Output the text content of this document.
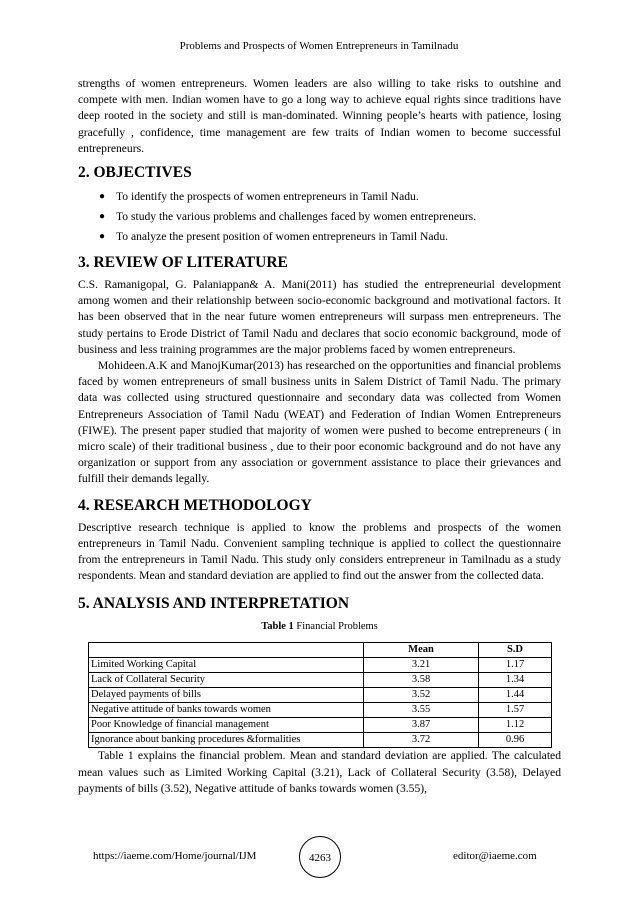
Problems and Prospects of Women Entrepreneurs in Tamilnadu

strengths of women entrepreneurs. Women leaders are also willing to take risks to outshine and compete with men. Indian women have to go a long way to achieve equal rights since traditions have deep rooted in the society and still is man-dominated. Winning people’s hearts with patience, losing gracefully , confidence, time management are few traits of Indian women to become successful entrepreneurs.

2. OBJECTIVES
● To identify the prospects of women entrepreneurs in Tamil Nadu.
● To study the various problems and challenges faced by women entrepreneurs.
● To analyze the present position of women entrepreneurs in Tamil Nadu.
3. REVIEW OF LITERATURE

C.S. Ramanigopal, G. Palaniappan& A. Mani(2011) has studied the entrepreneurial development among women and their relationship between socio-economic background and motivational factors. It has been observed that in the near future women entrepreneurs will surpass men entrepreneurs. The study pertains to Erode District of Tamil Nadu and declares that socio economic background, mode of business and less training programmes are the major problems faced by women entrepreneurs.

Mohideen.A.K and ManojKumar(2013) has researched on the opportunities and financial problems faced by women entrepreneurs of small business units in Salem District of Tamil Nadu. The primary data was collected using structured questionnaire and secondary data was collected from Women Entrepreneurs Association of Tamil Nadu (WEAT) and Federation of Indian Women Entrepreneurs (FIWE). The present paper studied that majority of women were pushed to become entrepreneurs ( in micro scale) of their traditional business , due to their poor economic background and do not have any organization or support from any association or government assistance to place their grievances and fulfill their demands legally.

4. RESEARCH METHODOLOGY

Descriptive research technique is applied to know the problems and prospects of the women entrepreneurs in Tamil Nadu. Convenient sampling technique is applied to collect the questionnaire from the entrepreneurs in Tamil Nadu. This study only considers entrepreneur in Tamilnadu as a study respondents. Mean and standard deviation are applied to find out the answer from the collected data.

5. ANALYSIS AND INTERPRETATION
Table 1 Financial Problems
	Mean	S.D
Limited Working Capital	3.21	1.17
Lack of Collateral Security	3.58	1.34
Delayed payments of bills	3.52	1.44
Negative attitude of banks towards women	3.55	1.57
Poor Knowledge of financial management	3.87	1.12
Ignorance about banking procedures &formalities	3.72	0.96

Table 1 explains the financial problem. Mean and standard deviation are applied. The calculated mean values such as Limited Working Capital (3.21), Lack of Collateral Security (3.58), Delayed payments of bills (3.52), Negative attitude of banks towards women (3.55),

https://iaeme.com/Home/journal/IJM	4263	editor@iaeme.com
